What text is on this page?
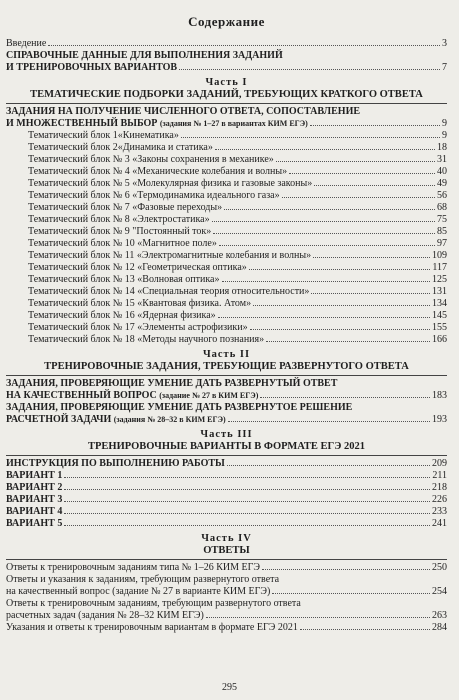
Содержание
Введение	3
СПРАВОЧНЫЕ ДАННЫЕ ДЛЯ ВЫПОЛНЕНИЯ ЗАДАНИЙ
И ТРЕНИРОВОЧНЫХ ВАРИАНТОВ	7
Часть I
ТЕМАТИЧЕСКИЕ ПОДБОРКИ ЗАДАНИЙ, ТРЕБУЮЩИХ КРАТКОГО ОТВЕТА
ЗАДАНИЯ НА ПОЛУЧЕНИЕ ЧИСЛЕННОГО ОТВЕТА, СОПОСТАВЛЕНИЕ
И МНОЖЕСТВЕННЫЙ ВЫБОР (задания № 1–27 в вариантах КИМ ЕГЭ)	9
Тематический блок 1«Кинематика»	9
Тематический блок 2«Динамика и статика»	18
Тематический блок № 3 «Законы сохранения в механике»	31
Тематический блок № 4 «Механические колебания и волны»	40
Тематический блок № 5 «Молекулярная физика и газовые законы»	49
Тематический блок № 6 «Термодинамика идеального газа»	56
Тематический блок № 7 «Фазовые переходы»	68
Тематический блок № 8 «Электростатика»	75
Тематический блок № 9 "Постоянный ток»	85
Тематический блок № 10 «Магнитное поле»	97
Тематический блок № 11 «Электромагнитные колебания и волны»	109
Тематический блок № 12 «Геометрическая оптика»	117
Тематический блок № 13 «Волновая оптика»	125
Тематический блок № 14 «Специальная теория относительности»	131
Тематический блок № 15 «Квантовая физика. Атом»	134
Тематический блок № 16 «Ядерная физика»	145
Тематический блок № 17 «Элементы астрофизики»	155
Тематический блок № 18 «Методы научного познания»	166
Часть II
ТРЕНИРОВОЧНЫЕ ЗАДАНИЯ, ТРЕБУЮЩИЕ РАЗВЕРНУТОГО ОТВЕТА
ЗАДАНИЯ, ПРОВЕРЯЮЩИЕ УМЕНИЕ ДАТЬ РАЗВЕРНУТЫЙ ОТВЕТ
НА КАЧЕСТВЕННЫЙ ВОПРОС (задание № 27 в КИМ ЕГЭ)	183
ЗАДАНИЯ, ПРОВЕРЯЮЩИЕ УМЕНИЕ ДАТЬ РАЗВЕРНУТОЕ РЕШЕНИЕ
РАСЧЕТНОЙ ЗАДАЧИ (задания № 28–32 в КИМ ЕГЭ)	193
Часть III
ТРЕНИРОВОЧНЫЕ ВАРИАНТЫ В ФОРМАТЕ ЕГЭ 2021
ИНСТРУКЦИЯ ПО ВЫПОЛНЕНИЮ РАБОТЫ	209
ВАРИАНТ 1	211
ВАРИАНТ 2	218
ВАРИАНТ 3	226
ВАРИАНТ 4	233
ВАРИАНТ 5	241
Часть IV
ОТВЕТЫ
Ответы к тренировочным заданиям типа № 1–26 КИМ ЕГЭ	250
Ответы и указания к заданиям, требующим развернутого ответа
на качественный вопрос (задание № 27 в варианте КИМ ЕГЭ)	254
Ответы к тренировочным заданиям, требующим развернутого ответа
расчетных задач (задания № 28–32 КИМ ЕГЭ)	263
Указания и ответы к тренировочным вариантам в формате ЕГЭ 2021	284
295
